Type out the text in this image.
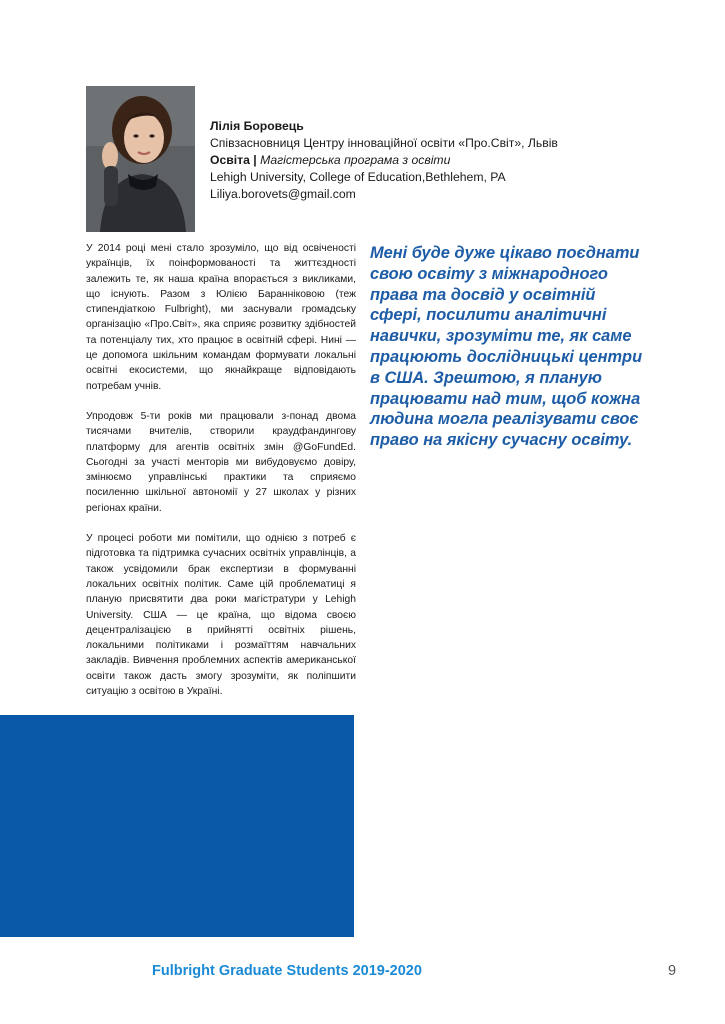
Лілія Боровець
Співзасновниця Центру інноваційної освіти «Про.Світ», Львів
Освіта | Магістерська програма з освіти
Lehigh University, College of Education,Bethlehem, PA
Liliya.borovets@gmail.com

У 2014 році мені стало зрозуміло, що від освіченості українців, їх поінформованості та життєздності залежить те, як наша країна впорається з викликами, що існують. Разом з Юлією Баранніковою (теж стипендіаткою Fulbright), ми заснували громадську організацію «Про.Світ», яка сприяє розвитку здібностей та потенціалу тих, хто працює в освітній сфері. Нині — це допомога шкільним командам формувати локальні освітні екосистеми, що якнайкраще відповідають потребам учнів.

Упродовж 5-ти років ми працювали з-понад двома тисячами вчителів, створили краудфандингову платформу для агентів освітніх змін @GoFundEd. Сьогодні за участі менторів ми вибудовуємо довіру, змінюємо управлінські практики та сприяємо посиленню шкільної автономії у 27 школах у різних регіонах країни.

У процесі роботи ми помітили, що однією з потреб є підготовка та підтримка сучасних освітніх управлінців, а також усвідомили брак експертизи в формуванні локальних освітніх політик. Саме цій проблематиці я планую присвятити два роки магістратури у Lehigh University. США — це країна, що відома своєю децентралізацією в прийнятті освітніх рішень, локальними політиками і розмаїттям навчальних закладів. Вивчення проблемних аспектів американської освіти також дасть змогу зрозуміти, як поліпшити ситуацію з освітою в Україні.

Мені буде дуже цікаво поєднати свою освіту з міжнародного права та досвід у освітній сфері, посилити аналітичні навички, зрозуміти те, як саме працюють дослідницькі центри в США. Зрештою, я планую працювати над тим, щоб кожна людина могла реалізувати своє право на якісну сучасну освіту.
Fulbright Graduate Students 2019-2020	9
